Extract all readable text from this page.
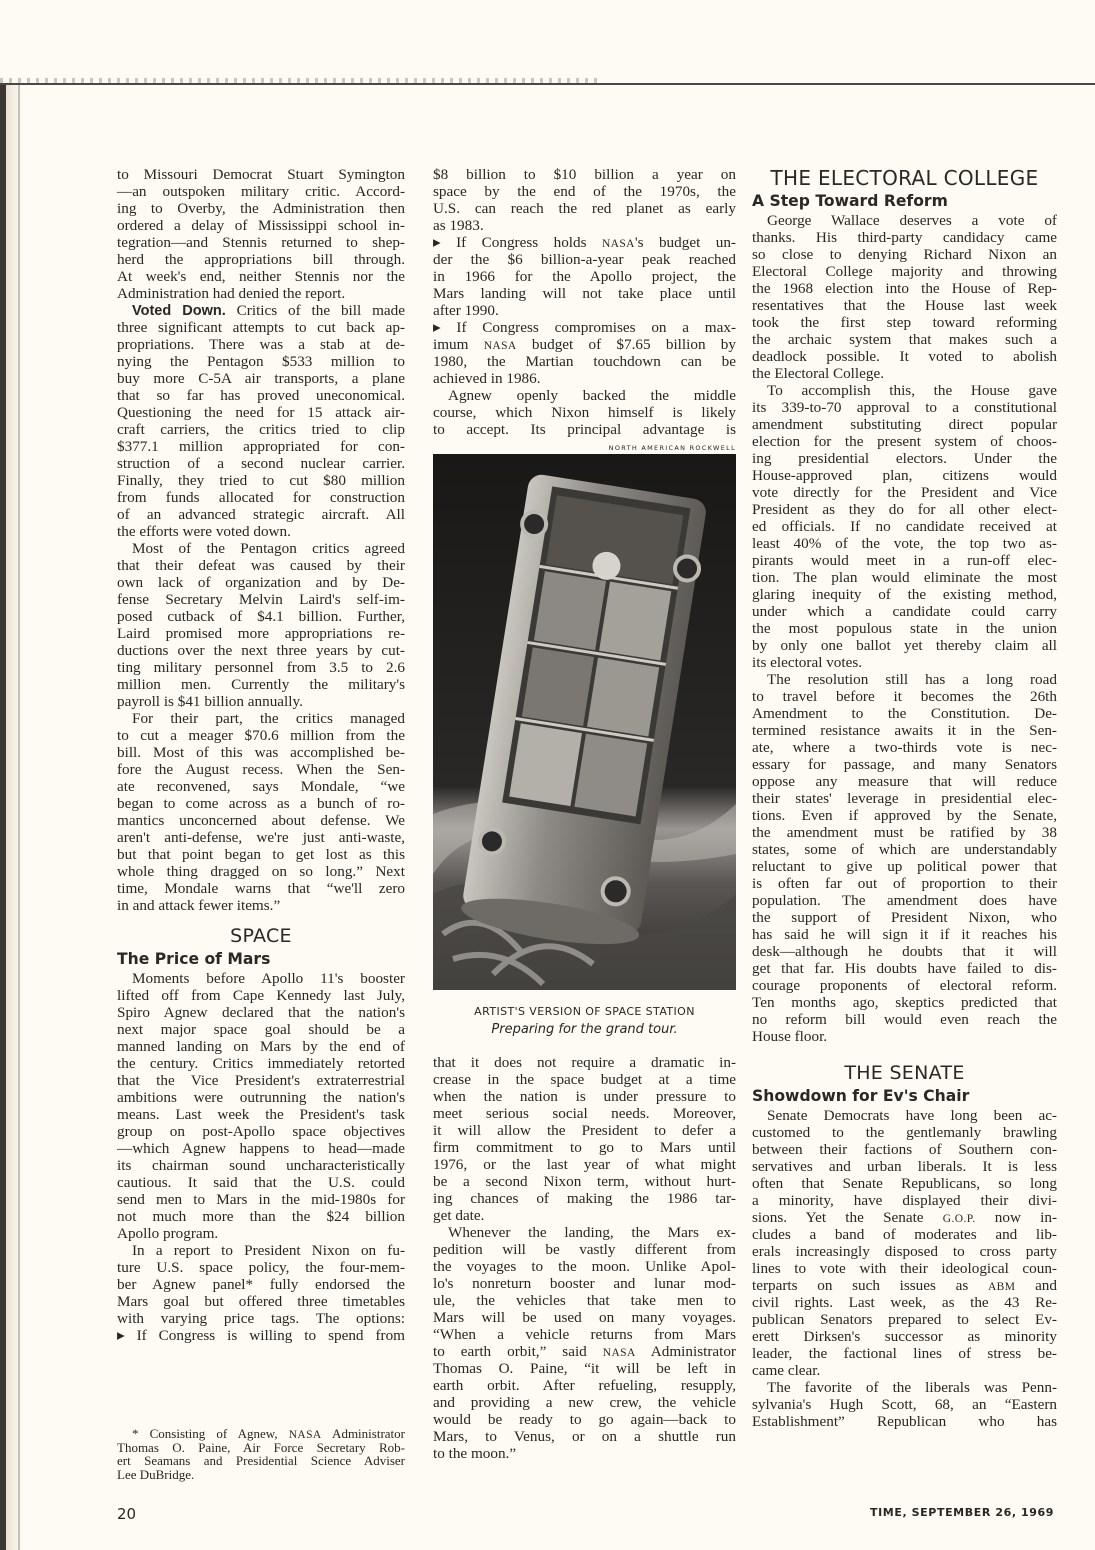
to Missouri Democrat Stuart Symington
—an outspoken military critic. Accord-
ing to Overby, the Administration then
ordered a delay of Mississippi school in-
tegration—and Stennis returned to shep-
herd the appropriations bill through.
At week's end, neither Stennis nor the
Administration had denied the report.
Voted Down. Critics of the bill made
three significant attempts to cut back ap-
propriations. There was a stab at de-
nying the Pentagon $533 million to
buy more C-5A air transports, a plane
that so far has proved uneconomical.
Questioning the need for 15 attack air-
craft carriers, the critics tried to clip
$377.1 million appropriated for con-
struction of a second nuclear carrier.
Finally, they tried to cut $80 million
from funds allocated for construction
of an advanced strategic aircraft. All
the efforts were voted down.
Most of the Pentagon critics agreed
that their defeat was caused by their
own lack of organization and by De-
fense Secretary Melvin Laird's self-im-
posed cutback of $4.1 billion. Further,
Laird promised more appropriations re-
ductions over the next three years by cut-
ting military personnel from 3.5 to 2.6
million men. Currently the military's
payroll is $41 billion annually.
For their part, the critics managed
to cut a meager $70.6 million from the
bill. Most of this was accomplished be-
fore the August recess. When the Sen-
ate reconvened, says Mondale, “we
began to come across as a bunch of ro-
mantics unconcerned about defense. We
aren't anti-defense, we're just anti-waste,
but that point began to get lost as this
whole thing dragged on so long.” Next
time, Mondale warns that “we'll zero
in and attack fewer items.”
SPACE
The Price of Mars
Moments before Apollo 11's booster
lifted off from Cape Kennedy last July,
Spiro Agnew declared that the nation's
next major space goal should be a
manned landing on Mars by the end of
the century. Critics immediately retorted
that the Vice President's extraterrestrial
ambitions were outrunning the nation's
means. Last week the President's task
group on post-Apollo space objectives
—which Agnew happens to head—made
its chairman sound uncharacteristically
cautious. It said that the U.S. could
send men to Mars in the mid-1980s for
not much more than the $24 billion
Apollo program.
In a report to President Nixon on fu-
ture U.S. space policy, the four-mem-
ber Agnew panel* fully endorsed the
Mars goal but offered three timetables
with varying price tags. The options:
▸ If Congress is willing to spend from
* Consisting of Agnew, NASA Administrator
Thomas O. Paine, Air Force Secretary Rob-
ert Seamans and Presidential Science Adviser
Lee DuBridge.
$8 billion to $10 billion a year on
space by the end of the 1970s, the
U.S. can reach the red planet as early
as 1983.
▸ If Congress holds NASA's budget un-
der the $6 billion-a-year peak reached
in 1966 for the Apollo project, the
Mars landing will not take place until
after 1990.
▸ If Congress compromises on a max-
imum NASA budget of $7.65 billion by
1980, the Martian touchdown can be
achieved in 1986.
Agnew openly backed the middle
course, which Nixon himself is likely
to accept. Its principal advantage is
NORTH AMERICAN ROCKWELL
ARTIST'S VERSION OF SPACE STATION
Preparing for the grand tour.
that it does not require a dramatic in-
crease in the space budget at a time
when the nation is under pressure to
meet serious social needs. Moreover,
it will allow the President to defer a
firm commitment to go to Mars until
1976, or the last year of what might
be a second Nixon term, without hurt-
ing chances of making the 1986 tar-
get date.
Whenever the landing, the Mars ex-
pedition will be vastly different from
the voyages to the moon. Unlike Apol-
lo's nonreturn booster and lunar mod-
ule, the vehicles that take men to
Mars will be used on many voyages.
“When a vehicle returns from Mars
to earth orbit,” said NASA Administrator
Thomas O. Paine, “it will be left in
earth orbit. After refueling, resupply,
and providing a new crew, the vehicle
would be ready to go again—back to
Mars, to Venus, or on a shuttle run
to the moon.”
THE ELECTORAL COLLEGE
A Step Toward Reform
George Wallace deserves a vote of
thanks. His third-party candidacy came
so close to denying Richard Nixon an
Electoral College majority and throwing
the 1968 election into the House of Rep-
resentatives that the House last week
took the first step toward reforming
the archaic system that makes such a
deadlock possible. It voted to abolish
the Electoral College.
To accomplish this, the House gave
its 339-to-70 approval to a constitutional
amendment substituting direct popular
election for the present system of choos-
ing presidential electors. Under the
House-approved plan, citizens would
vote directly for the President and Vice
President as they do for all other elect-
ed officials. If no candidate received at
least 40% of the vote, the top two as-
pirants would meet in a run-off elec-
tion. The plan would eliminate the most
glaring inequity of the existing method,
under which a candidate could carry
the most populous state in the union
by only one ballot yet thereby claim all
its electoral votes.
The resolution still has a long road
to travel before it becomes the 26th
Amendment to the Constitution. De-
termined resistance awaits it in the Sen-
ate, where a two-thirds vote is nec-
essary for passage, and many Senators
oppose any measure that will reduce
their states' leverage in presidential elec-
tions. Even if approved by the Senate,
the amendment must be ratified by 38
states, some of which are understandably
reluctant to give up political power that
is often far out of proportion to their
population. The amendment does have
the support of President Nixon, who
has said he will sign it if it reaches his
desk—although he doubts that it will
get that far. His doubts have failed to dis-
courage proponents of electoral reform.
Ten months ago, skeptics predicted that
no reform bill would even reach the
House floor.
THE SENATE
Showdown for Ev's Chair
Senate Democrats have long been ac-
customed to the gentlemanly brawling
between their factions of Southern con-
servatives and urban liberals. It is less
often that Senate Republicans, so long
a minority, have displayed their divi-
sions. Yet the Senate G.O.P. now in-
cludes a band of moderates and lib-
erals increasingly disposed to cross party
lines to vote with their ideological coun-
terparts on such issues as ABM and
civil rights. Last week, as the 43 Re-
publican Senators prepared to select Ev-
erett Dirksen's successor as minority
leader, the factional lines of stress be-
came clear.
The favorite of the liberals was Penn-
sylvania's Hugh Scott, 68, an “Eastern
Establishment” Republican who has
20	TIME, SEPTEMBER 26, 1969
